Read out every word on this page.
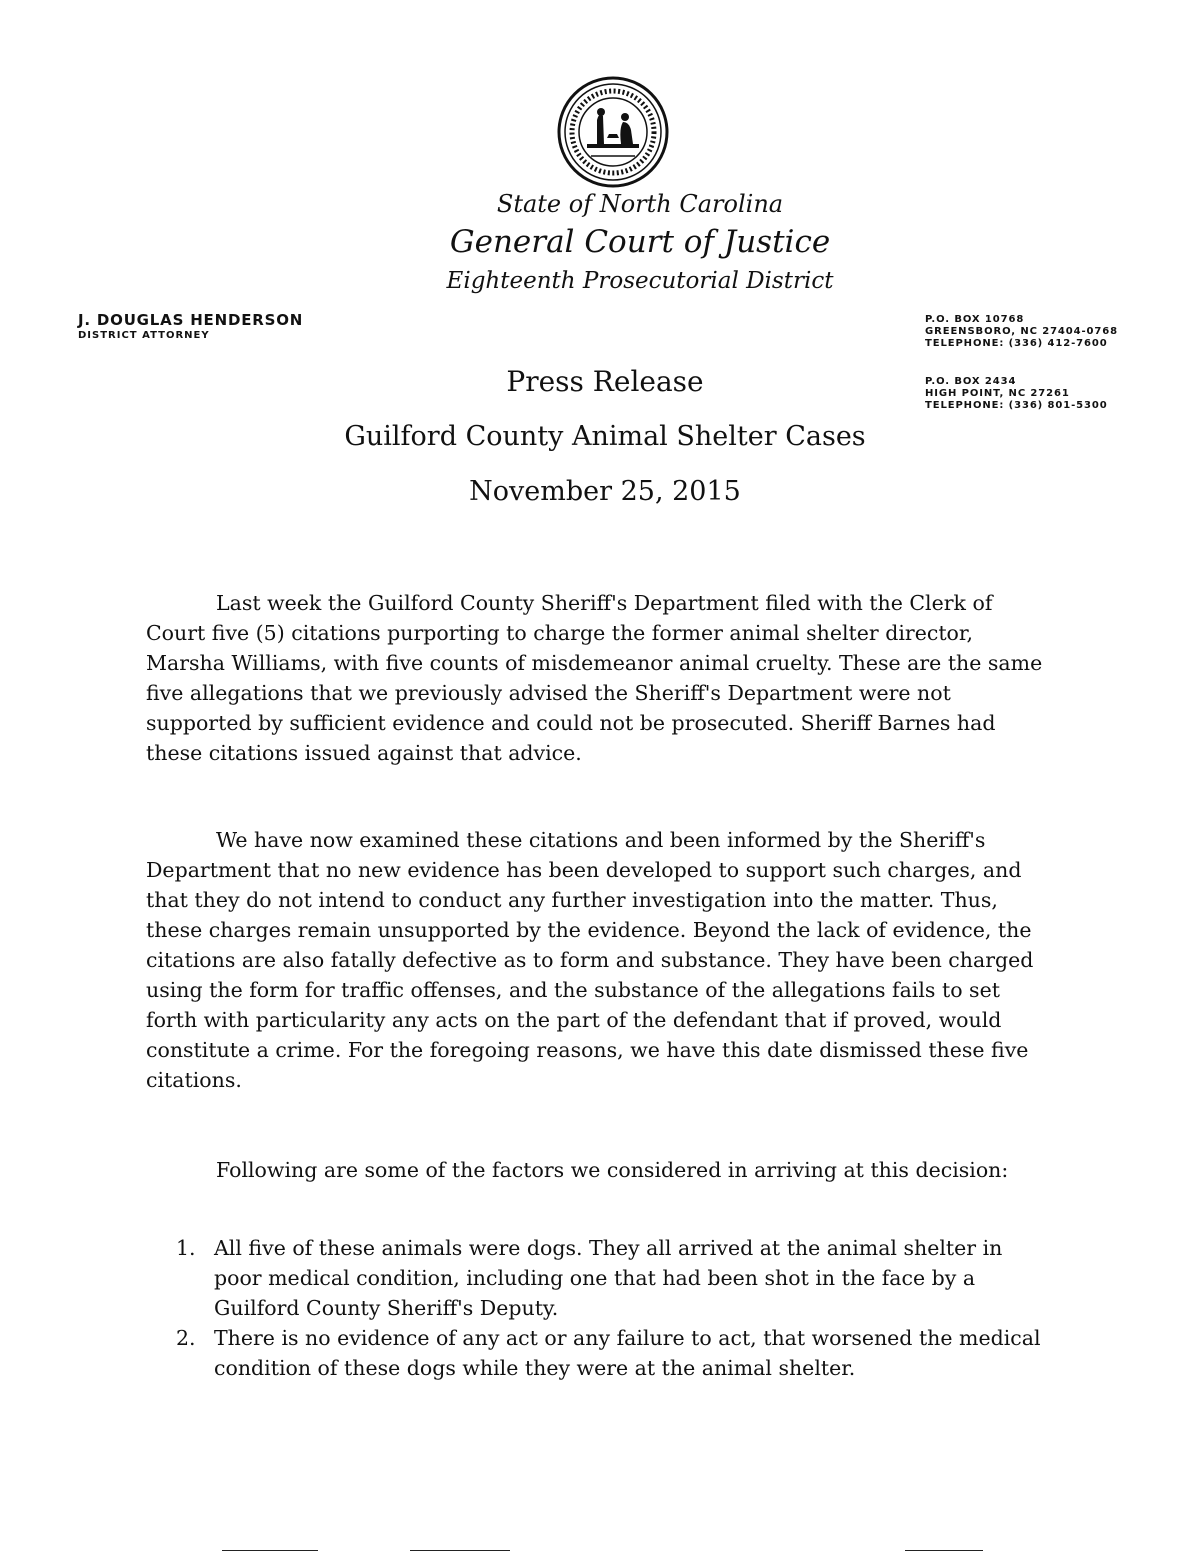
State of North Carolina
General Court of Justice
Eighteenth Prosecutorial District
J. DOUGLAS HENDERSON
DISTRICT ATTORNEY
P.O. BOX 10768
GREENSBORO, NC 27404-0768
TELEPHONE: (336) 412-7600
P.O. BOX 2434
HIGH POINT, NC 27261
TELEPHONE: (336) 801-5300
Press Release
Guilford County Animal Shelter Cases
November 25, 2015

Last week the Guilford County Sheriff's Department filed with the Clerk of Court five (5) citations purporting to charge the former animal shelter director, Marsha Williams, with five counts of misdemeanor animal cruelty. These are the same five allegations that we previously advised the Sheriff's Department were not supported by sufficient evidence and could not be prosecuted. Sheriff Barnes had these citations issued against that advice.

We have now examined these citations and been informed by the Sheriff's Department that no new evidence has been developed to support such charges, and that they do not intend to conduct any further investigation into the matter. Thus, these charges remain unsupported by the evidence. Beyond the lack of evidence, the citations are also fatally defective as to form and substance. They have been charged using the form for traffic offenses, and the substance of the allegations fails to set forth with particularity any acts on the part of the defendant that if proved, would constitute a crime. For the foregoing reasons, we have this date dismissed these five citations.

Following are some of the factors we considered in arriving at this decision:

1. All five of these animals were dogs. They all arrived at the animal shelter in poor medical condition, including one that had been shot in the face by a Guilford County Sheriff's Deputy.
2. There is no evidence of any act or any failure to act, that worsened the medical condition of these dogs while they were at the animal shelter.
